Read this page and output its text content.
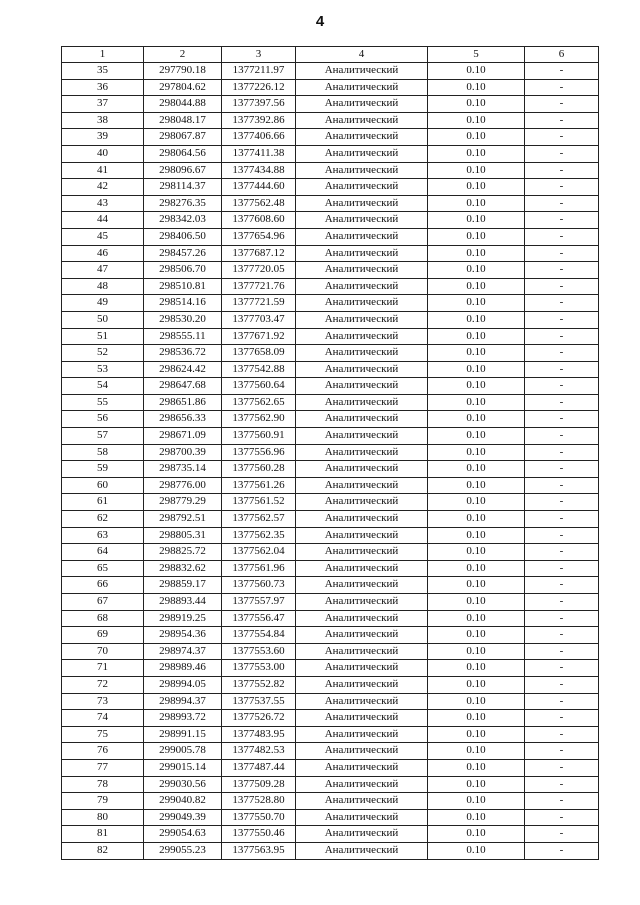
4
1	2	3	4	5	6
35	297790.18	1377211.97	Аналитический	0.10	-
36	297804.62	1377226.12	Аналитический	0.10	-
37	298044.88	1377397.56	Аналитический	0.10	-
38	298048.17	1377392.86	Аналитический	0.10	-
39	298067.87	1377406.66	Аналитический	0.10	-
40	298064.56	1377411.38	Аналитический	0.10	-
41	298096.67	1377434.88	Аналитический	0.10	-
42	298114.37	1377444.60	Аналитический	0.10	-
43	298276.35	1377562.48	Аналитический	0.10	-
44	298342.03	1377608.60	Аналитический	0.10	-
45	298406.50	1377654.96	Аналитический	0.10	-
46	298457.26	1377687.12	Аналитический	0.10	-
47	298506.70	1377720.05	Аналитический	0.10	-
48	298510.81	1377721.76	Аналитический	0.10	-
49	298514.16	1377721.59	Аналитический	0.10	-
50	298530.20	1377703.47	Аналитический	0.10	-
51	298555.11	1377671.92	Аналитический	0.10	-
52	298536.72	1377658.09	Аналитический	0.10	-
53	298624.42	1377542.88	Аналитический	0.10	-
54	298647.68	1377560.64	Аналитический	0.10	-
55	298651.86	1377562.65	Аналитический	0.10	-
56	298656.33	1377562.90	Аналитический	0.10	-
57	298671.09	1377560.91	Аналитический	0.10	-
58	298700.39	1377556.96	Аналитический	0.10	-
59	298735.14	1377560.28	Аналитический	0.10	-
60	298776.00	1377561.26	Аналитический	0.10	-
61	298779.29	1377561.52	Аналитический	0.10	-
62	298792.51	1377562.57	Аналитический	0.10	-
63	298805.31	1377562.35	Аналитический	0.10	-
64	298825.72	1377562.04	Аналитический	0.10	-
65	298832.62	1377561.96	Аналитический	0.10	-
66	298859.17	1377560.73	Аналитический	0.10	-
67	298893.44	1377557.97	Аналитический	0.10	-
68	298919.25	1377556.47	Аналитический	0.10	-
69	298954.36	1377554.84	Аналитический	0.10	-
70	298974.37	1377553.60	Аналитический	0.10	-
71	298989.46	1377553.00	Аналитический	0.10	-
72	298994.05	1377552.82	Аналитический	0.10	-
73	298994.37	1377537.55	Аналитический	0.10	-
74	298993.72	1377526.72	Аналитический	0.10	-
75	298991.15	1377483.95	Аналитический	0.10	-
76	299005.78	1377482.53	Аналитический	0.10	-
77	299015.14	1377487.44	Аналитический	0.10	-
78	299030.56	1377509.28	Аналитический	0.10	-
79	299040.82	1377528.80	Аналитический	0.10	-
80	299049.39	1377550.70	Аналитический	0.10	-
81	299054.63	1377550.46	Аналитический	0.10	-
82	299055.23	1377563.95	Аналитический	0.10	-
